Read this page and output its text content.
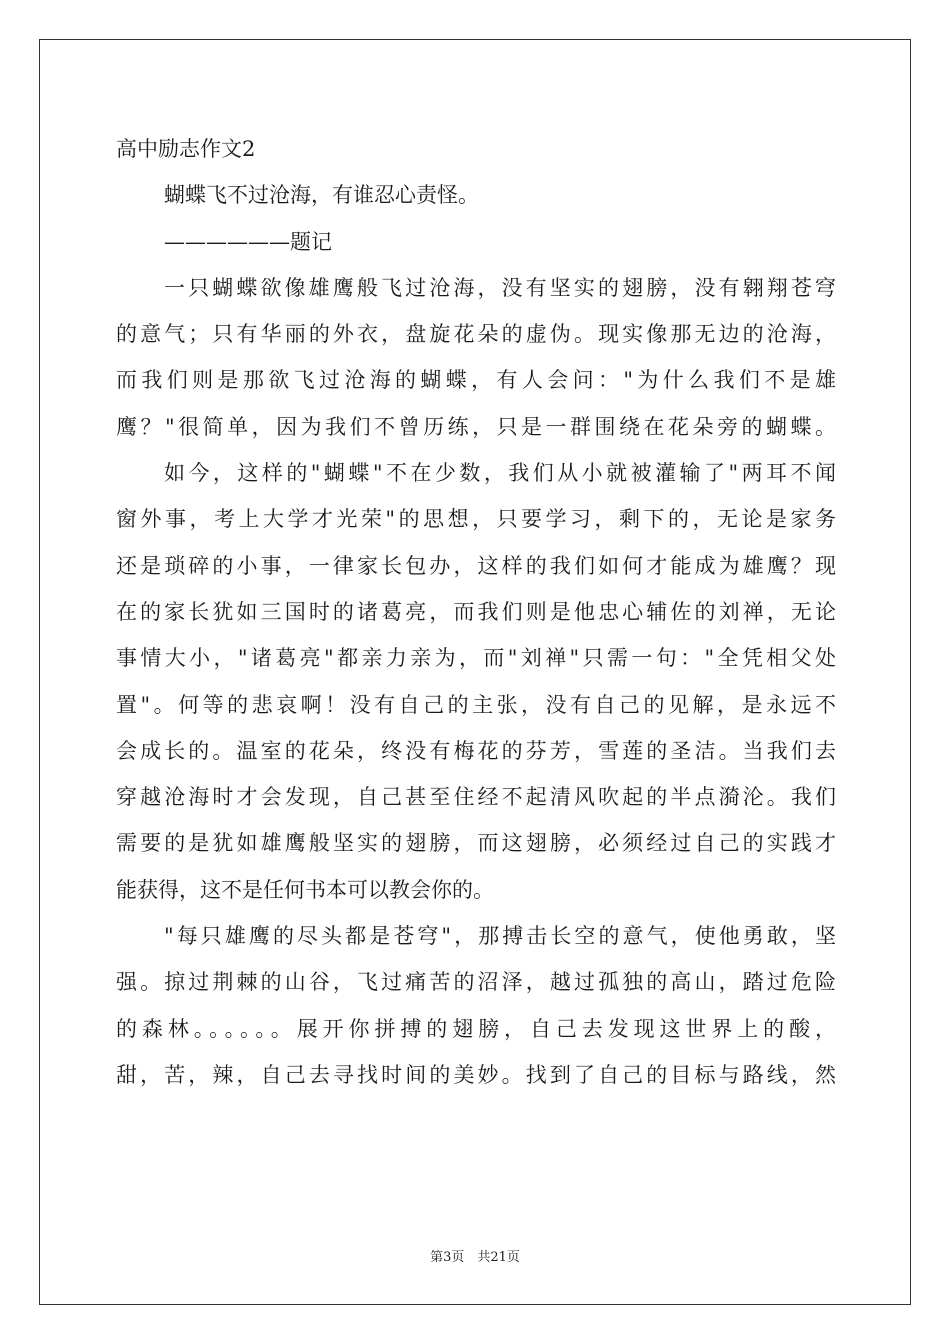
高中励志作文2
蝴蝶飞不过沧海，有谁忍心责怪。
——————题记
一只蝴蝶欲像雄鹰般飞过沧海，没有坚实的翅膀，没有翱翔苍穹
的意气；只有华丽的外衣，盘旋花朵的虚伪。现实像那无边的沧海，
而我们则是那欲飞过沧海的蝴蝶，有人会问："为什么我们不是雄
鹰？"很简单，因为我们不曾历练，只是一群围绕在花朵旁的蝴蝶。
如今，这样的"蝴蝶"不在少数，我们从小就被灌输了"两耳不闻
窗外事，考上大学才光荣"的思想，只要学习，剩下的，无论是家务
还是琐碎的小事，一律家长包办，这样的我们如何才能成为雄鹰？现
在的家长犹如三国时的诸葛亮，而我们则是他忠心辅佐的刘禅，无论
事情大小，"诸葛亮"都亲力亲为，而"刘禅"只需一句："全凭相父处
置"。何等的悲哀啊！没有自己的主张，没有自己的见解，是永远不
会成长的。温室的花朵，终没有梅花的芬芳，雪莲的圣洁。当我们去
穿越沧海时才会发现，自己甚至住经不起清风吹起的半点漪沦。我们
需要的是犹如雄鹰般坚实的翅膀，而这翅膀，必须经过自己的实践才
能获得，这不是任何书本可以教会你的。
"每只雄鹰的尽头都是苍穹"，那搏击长空的意气，使他勇敢，坚
强。掠过荆棘的山谷，飞过痛苦的沼泽，越过孤独的高山，踏过危险
的森林。。。。。。展开你拼搏的翅膀，自己去发现这世界上的酸，
甜，苦，辣，自己去寻找时间的美妙。找到了自己的目标与路线，然
第3页　共21页
